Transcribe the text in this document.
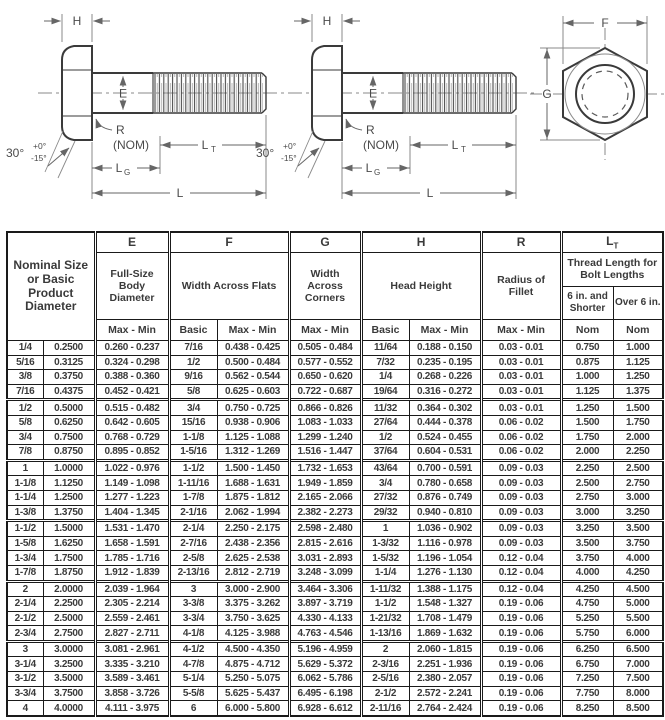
H
E
R
(NOM)	L T
L G
L
30° +0°
-15°
H
E
R
(NOM)	L T
L G
L
30° +0°
-15°
F
G
Nominal Size or Basic Product Diameter		E	F		G	H		R	$L_T$
		Full-Size Body Diameter	Width Across Flats		Width Across Corners	Head Height		Radius of Fillet	Thread Length for Bolt Lengths	
									6 in. and Shorter	Over 6 in.
		Max - Min	Basic	Max - Min	Max - Min	Basic	Max - Min	Max - Min	Nom	Nom
1/4	0.2500	0.260 - 0.237	7/16	0.438 - 0.425	0.505 - 0.484	11/64	0.188 - 0.150	0.03 - 0.01	0.750	1.000
5/16	0.3125	0.324 - 0.298	1/2	0.500 - 0.484	0.577 - 0.552	7/32	0.235 - 0.195	0.03 - 0.01	0.875	1.125
3/8	0.3750	0.388 - 0.360	9/16	0.562 - 0.544	0.650 - 0.620	1/4	0.268 - 0.226	0.03 - 0.01	1.000	1.250
7/16	0.4375	0.452 - 0.421	5/8	0.625 - 0.603	0.722 - 0.687	19/64	0.316 - 0.272	0.03 - 0.01	1.125	1.375
1/2	0.5000	0.515 - 0.482	3/4	0.750 - 0.725	0.866 - 0.826	11/32	0.364 - 0.302	0.03 - 0.01	1.250	1.500
5/8	0.6250	0.642 - 0.605	15/16	0.938 - 0.906	1.083 - 1.033	27/64	0.444 - 0.378	0.06 - 0.02	1.500	1.750
3/4	0.7500	0.768 - 0.729	1-1/8	1.125 - 1.088	1.299 - 1.240	1/2	0.524 - 0.455	0.06 - 0.02	1.750	2.000
7/8	0.8750	0.895 - 0.852	1-5/16	1.312 - 1.269	1.516 - 1.447	37/64	0.604 - 0.531	0.06 - 0.02	2.000	2.250
1	1.0000	1.022 - 0.976	1-1/2	1.500 - 1.450	1.732 - 1.653	43/64	0.700 - 0.591	0.09 - 0.03	2.250	2.500
1-1/8	1.1250	1.149 - 1.098	1-11/16	1.688 - 1.631	1.949 - 1.859	3/4	0.780 - 0.658	0.09 - 0.03	2.500	2.750
1-1/4	1.2500	1.277 - 1.223	1-7/8	1.875 - 1.812	2.165 - 2.066	27/32	0.876 - 0.749	0.09 - 0.03	2.750	3.000
1-3/8	1.3750	1.404 - 1.345	2-1/16	2.062 - 1.994	2.382 - 2.273	29/32	0.940 - 0.810	0.09 - 0.03	3.000	3.250
1-1/2	1.5000	1.531 - 1.470	2-1/4	2.250 - 2.175	2.598 - 2.480	1	1.036 - 0.902	0.09 - 0.03	3.250	3.500
1-5/8	1.6250	1.658 - 1.591	2-7/16	2.438 - 2.356	2.815 - 2.616	1-3/32	1.116 - 0.978	0.09 - 0.03	3.500	3.750
1-3/4	1.7500	1.785 - 1.716	2-5/8	2.625 - 2.538	3.031 - 2.893	1-5/32	1.196 - 1.054	0.12 - 0.04	3.750	4.000
1-7/8	1.8750	1.912 - 1.839	2-13/16	2.812 - 2.719	3.248 - 3.099	1-1/4	1.276 - 1.130	0.12 - 0.04	4.000	4.250
2	2.0000	2.039 - 1.964	3	3.000 - 2.900	3.464 - 3.306	1-11/32	1.388 - 1.175	0.12 - 0.04	4.250	4.500
2-1/4	2.2500	2.305 - 2.214	3-3/8	3.375 - 3.262	3.897 - 3.719	1-1/2	1.548 - 1.327	0.19 - 0.06	4.750	5.000
2-1/2	2.5000	2.559 - 2.461	3-3/4	3.750 - 3.625	4.330 - 4.133	1-21/32	1.708 - 1.479	0.19 - 0.06	5.250	5.500
2-3/4	2.7500	2.827 - 2.711	4-1/8	4.125 - 3.988	4.763 - 4.546	1-13/16	1.869 - 1.632	0.19 - 0.06	5.750	6.000
3	3.0000	3.081 - 2.961	4-1/2	4.500 - 4.350	5.196 - 4.959	2	2.060 - 1.815	0.19 - 0.06	6.250	6.500
3-1/4	3.2500	3.335 - 3.210	4-7/8	4.875 - 4.712	5.629 - 5.372	2-3/16	2.251 - 1.936	0.19 - 0.06	6.750	7.000
3-1/2	3.5000	3.589 - 3.461	5-1/4	5.250 - 5.075	6.062 - 5.786	2-5/16	2.380 - 2.057	0.19 - 0.06	7.250	7.500
3-3/4	3.7500	3.858 - 3.726	5-5/8	5.625 - 5.437	6.495 - 6.198	2-1/2	2.572 - 2.241	0.19 - 0.06	7.750	8.000
4	4.0000	4.111 - 3.975	6	6.000 - 5.800	6.928 - 6.612	2-11/16	2.764 - 2.424	0.19 - 0.06	8.250	8.500
